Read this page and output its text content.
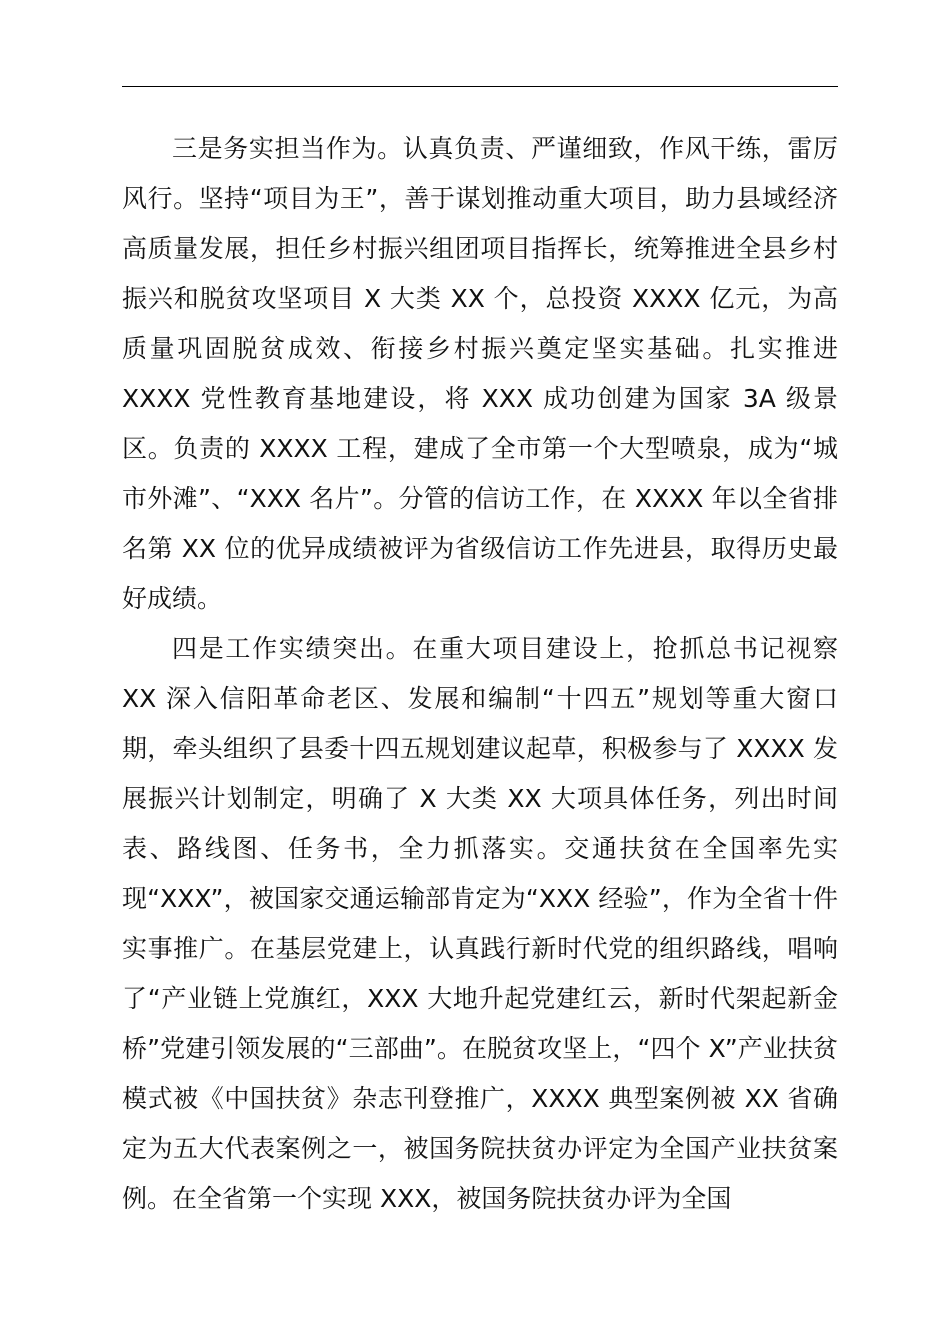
三是务实担当作为。认真负责、严谨细致，作风干练，雷厉风行。坚持“项目为王”，善于谋划推动重大项目，助力县域经济高质量发展，担任乡村振兴组团项目指挥长，统筹推进全县乡村振兴和脱贫攻坚项目 X 大类 XX 个，总投资 XXXX 亿元，为高质量巩固脱贫成效、衔接乡村振兴奠定坚实基础。扎实推进 XXXX 党性教育基地建设，将 XXX 成功创建为国家 3A 级景区。负责的 XXXX 工程，建成了全市第一个大型喷泉，成为“城市外滩”、“XXX 名片”。分管的信访工作，在 XXXX 年以全省排名第 XX 位的优异成绩被评为省级信访工作先进县，取得历史最好成绩。

四是工作实绩突出。在重大项目建设上，抢抓总书记视察 XX 深入信阳革命老区、发展和编制“十四五”规划等重大窗口期，牵头组织了县委十四五规划建议起草，积极参与了 XXXX 发展振兴计划制定，明确了 X 大类 XX 大项具体任务，列出时间表、路线图、任务书，全力抓落实。交通扶贫在全国率先实现“XXX”，被国家交通运输部肯定为“XXX 经验”，作为全省十件实事推广。在基层党建上，认真践行新时代党的组织路线，唱响了“产业链上党旗红，XXX 大地升起党建红云，新时代架起新金桥”党建引领发展的“三部曲”。在脱贫攻坚上，“四个 X”产业扶贫模式被《中国扶贫》杂志刊登推广，XXXX 典型案例被 XX 省确定为五大代表案例之一，被国务院扶贫办评定为全国产业扶贫案例。在全省第一个实现 XXX，被国务院扶贫办评为全国
